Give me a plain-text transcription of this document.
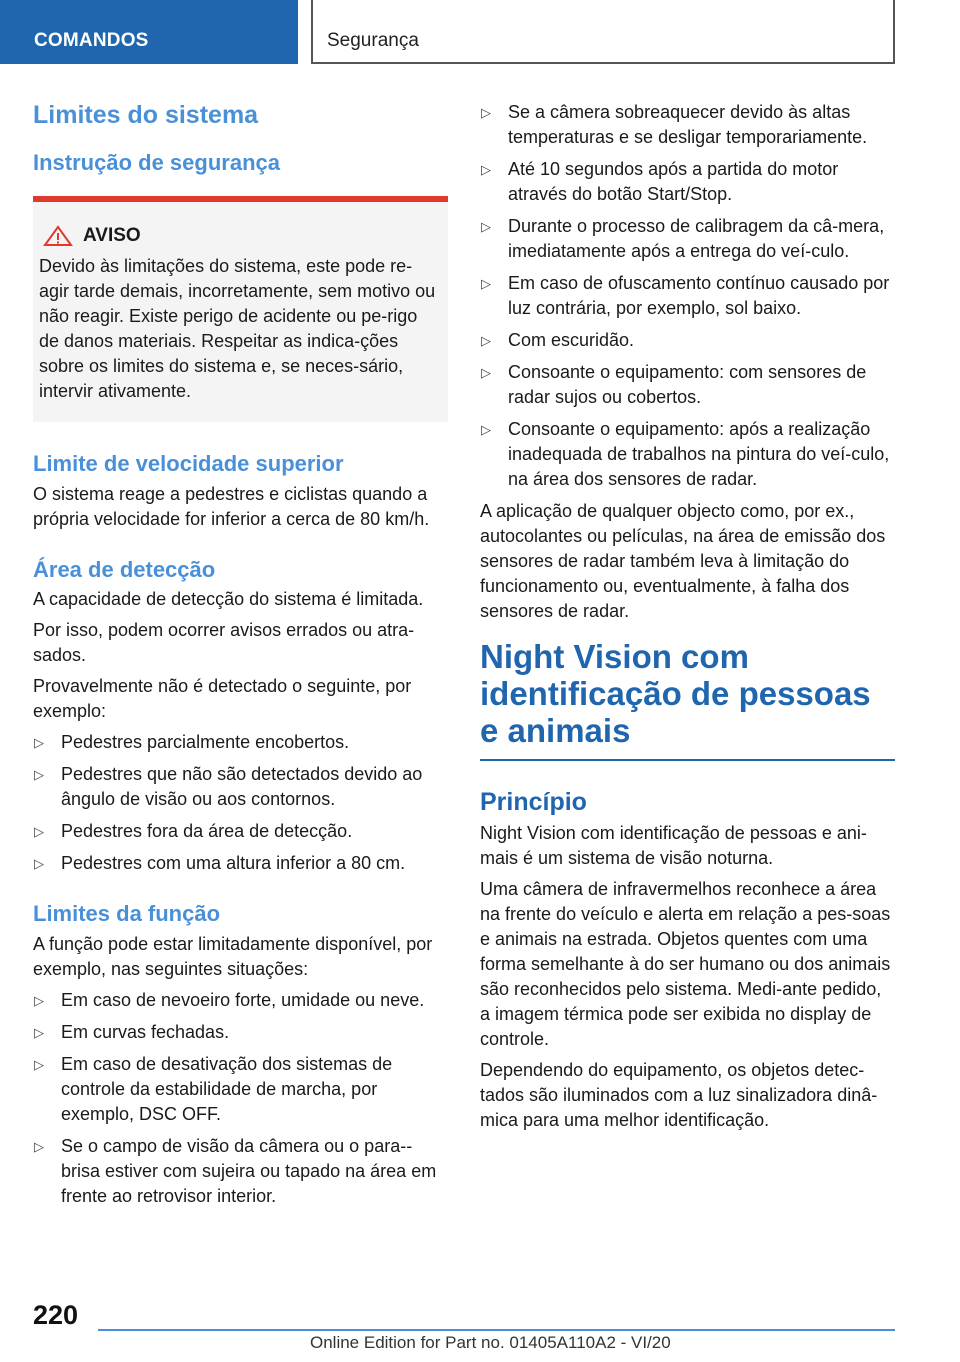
COMANDOS	Segurança
Limites do sistema
Instrução de segurança
AVISO

Devido às limitações do sistema, este pode re-agir tarde demais, incorretamente, sem motivo ou não reagir. Existe perigo de acidente ou pe-rigo de danos materiais. Respeitar as indica-ções sobre os limites do sistema e, se neces-sário, intervir ativamente.

Limite de velocidade superior

O sistema reage a pedestres e ciclistas quando a própria velocidade for inferior a cerca de 80 km/h.

Área de detecção

A capacidade de detecção do sistema é limitada.

Por isso, podem ocorrer avisos errados ou atra-sados.

Provavelmente não é detectado o seguinte, por exemplo:

▷ Pedestres parcialmente encobertos.
▷ Pedestres que não são detectados devido ao ângulo de visão ou aos contornos.
▷ Pedestres fora da área de detecção.
▷ Pedestres com uma altura inferior a 80 cm.
Limites da função

A função pode estar limitadamente disponível, por exemplo, nas seguintes situações:

▷ Em caso de nevoeiro forte, umidade ou neve.
▷ Em curvas fechadas.
▷ Em caso de desativação dos sistemas de controle da estabilidade de marcha, por exemplo, DSC OFF.
▷ Se o campo de visão da câmera ou o para--brisa estiver com sujeira ou tapado na área em frente ao retrovisor interior.
▷ Se a câmera sobreaquecer devido às altas temperaturas e se desligar temporariamente.
▷ Até 10 segundos após a partida do motor através do botão Start/Stop.
▷ Durante o processo de calibragem da câ-mera, imediatamente após a entrega do veí-culo.
▷ Em caso de ofuscamento contínuo causado por luz contrária, por exemplo, sol baixo.
▷ Com escuridão.
▷ Consoante o equipamento: com sensores de radar sujos ou cobertos.
▷ Consoante o equipamento: após a realização inadequada de trabalhos na pintura do veí-culo, na área dos sensores de radar.

A aplicação de qualquer objecto como, por ex., autocolantes ou películas, na área de emissão dos sensores de radar também leva à limitação do funcionamento ou, eventualmente, à falha dos sensores de radar.

Night Vision com identificação de pessoas e animais
Princípio

Night Vision com identificação de pessoas e ani-mais é um sistema de visão noturna.

Uma câmera de infravermelhos reconhece a área na frente do veículo e alerta em relação a pes-soas e animais na estrada. Objetos quentes com uma forma semelhante à do ser humano ou dos animais são reconhecidos pelo sistema. Medi-ante pedido, a imagem térmica pode ser exibida no display de controle.

Dependendo do equipamento, os objetos detec-tados são iluminados com a luz sinalizadora dinâ-mica para uma melhor identificação.

220
Online Edition for Part no. 01405A110A2 - VI/20
